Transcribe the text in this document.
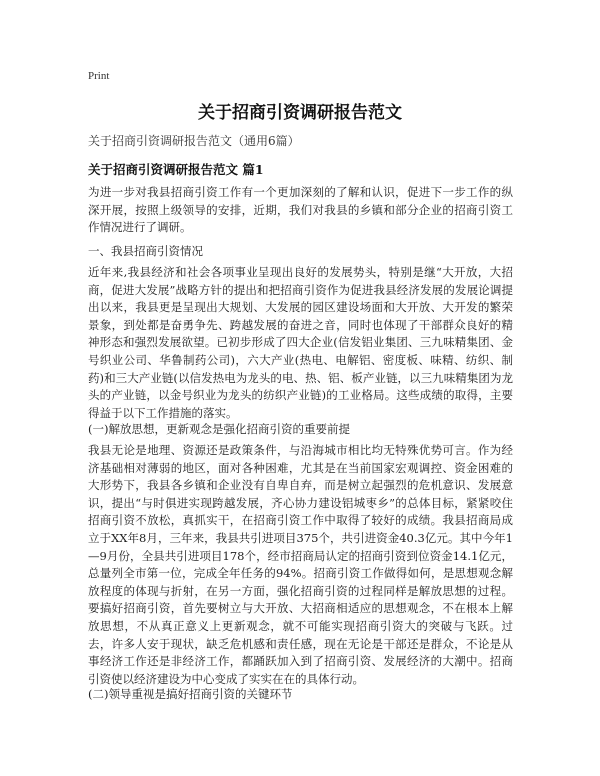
Print
关于招商引资调研报告范文
关于招商引资调研报告范文（通用6篇）
关于招商引资调研报告范文 篇1
为进一步对我县招商引资工作有一个更加深刻的了解和认识，促进下一步工作的纵深开展，按照上级领导的安排，近期，我们对我县的乡镇和部分企业的招商引资工作情况进行了调研。
一、我县招商引资情况
近年来,我县经济和社会各项事业呈现出良好的发展势头，特别是继“大开放，大招商，促进大发展”战略方针的提出和把招商引资作为促进我县经济发展的发展论调提出以来，我县更是呈现出大规划、大发展的园区建设场面和大开放、大开发的繁荣景象，到处都是奋勇争先、跨越发展的奋进之音，同时也体现了干部群众良好的精神形态和强烈发展欲望。已初步形成了四大企业(信发铝业集团、三九味精集团、金号织业公司、华鲁制药公司)，六大产业(热电、电解铝、密度板、味精、纺织、制药)和三大产业链(以信发热电为龙头的电、热、铝、板产业链，以三九味精集团为龙头的产业链，以金号织业为龙头的纺织产业链)的工业格局。这些成绩的取得，主要得益于以下工作措施的落实。
(一)解放思想，更新观念是强化招商引资的重要前提
我县无论是地理、资源还是政策条件，与沿海城市相比均无特殊优势可言。作为经济基础相对薄弱的地区，面对各种困难，尤其是在当前国家宏观调控、资金困难的大形势下，我县各乡镇和企业没有自卑自弃，而是树立起强烈的危机意识、发展意识，提出“与时俱进实现跨越发展，齐心协力建设铝城枣乡”的总体目标，紧紧咬住招商引资不放松，真抓实干，在招商引资工作中取得了较好的成绩。我县招商局成立于XX年8月，三年来，我县共引进项目375个，共引进资金40.3亿元。其中今年1—9月份，全县共引进项目178个，经市招商局认定的招商引资到位资金14.1亿元，总量列全市第一位，完成全年任务的94%。招商引资工作做得如何，是思想观念解放程度的体现与折射，在另一方面，强化招商引资的过程同样是解放思想的过程。要搞好招商引资，首先要树立与大开放、大招商相适应的思想观念，不在根本上解放思想，不从真正意义上更新观念，就不可能实现招商引资大的突破与飞跃。过去，许多人安于现状，缺乏危机感和责任感，现在无论是干部还是群众，不论是从事经济工作还是非经济工作，都踊跃加入到了招商引资、发展经济的大潮中。招商引资使以经济建设为中心变成了实实在在的具体行动。
(二)领导重视是搞好招商引资的关键环节
